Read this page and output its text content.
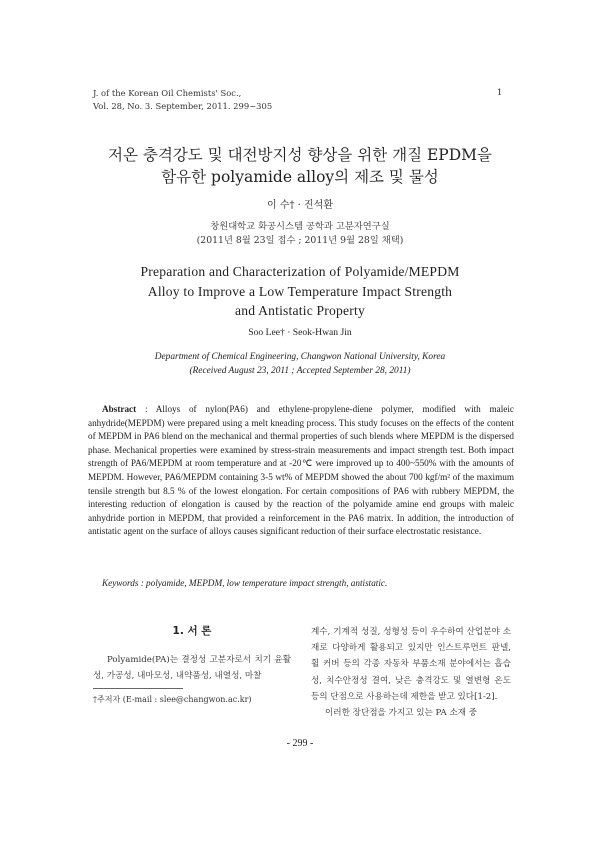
J. of the Korean Oil Chemists' Soc.,
Vol. 28, No. 3. September, 2011. 299~305
1
저온 충격강도 및 대전방지성 향상을 위한 개질 EPDM을
함유한 polyamide alloy의 제조 및 물성
이 수† · 진석환
창원대학교 화공시스템 공학과 고분자연구실
(2011년 8월 23일 접수 ; 2011년 9월 28일 채택)
Preparation and Characterization of Polyamide/MEPDM
Alloy to Improve a Low Temperature Impact Strength
and Antistatic Property
Soo Lee† · Seok-Hwan Jin
Department of Chemical Engineering, Changwon National University, Korea
(Received August 23, 2011 ; Accepted September 28, 2011)
Abstract : Alloys of nylon(PA6) and ethylene-propylene-diene polymer, modified with maleic anhydride(MEPDM) were prepared using a melt kneading process. This study focuses on the effects of the content of MEPDM in PA6 blend on the mechanical and thermal properties of such blends where MEPDM is the dispersed phase. Mechanical properties were examined by stress-strain measurements and impact strength test. Both impact strength of PA6/MEPDM at room temperature and at -20℃ were improved up to 400~550% with the amounts of MEPDM. However, PA6/MEPDM containing 3-5 wt% of MEPDM showed the about 700 kgf/m² of the maximum tensile strength but 8.5 % of the lowest elongation. For certain compositions of PA6 with rubbery MEPDM, the interesting reduction of elongation is caused by the reaction of the polyamide amine end groups with maleic anhydride portion in MEPDM, that provided a reinforcement in the PA6 matrix. In addition, the introduction of antistatic agent on the surface of alloys causes significant reduction of their surface electrostatic resistance.
Keywords : polyamide, MEPDM, low temperature impact strength, antistatic.
1. 서 론
Polyamide(PA)는 결정성 고분자로서 치기 윤활성, 가공성, 내마모성, 내약품성, 내열성, 마찰
†주저자 (E-mail : slee@changwon.ac.kr)

계수, 기계적 성질, 성형성 등이 우수하여 산업분야 소재로 다양하게 활용되고 있지만 인스트루먼트 판넬, 휠 커버 등의 각종 자동차 부품소재 분야에서는 흡습성, 치수안정성 결여, 낮은 충격강도 및 열변형 온도 등의 단점으로 사용하는데 제한을 받고 있다[1-2].

이러한 장단점을 가지고 있는 PA 소재 중

- 299 -
